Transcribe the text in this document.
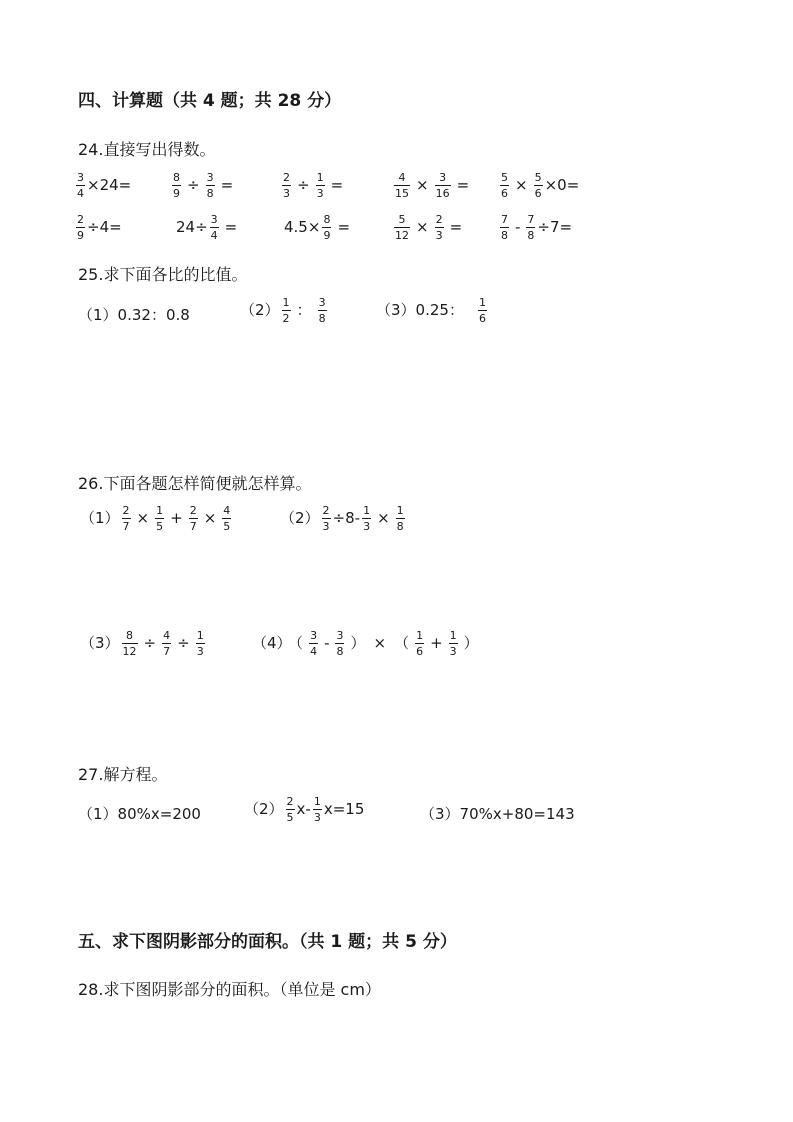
四、计算题（共 4 题；共 28 分）
24.直接写出得数。
$\frac{3}{4} \times 24=$	$\frac{8}{9} \div \frac{3}{8}$ =	$\frac{2}{3} \div \frac{1}{3}$ =	$\frac{4}{15} \times \frac{3}{16}$ =	$\frac{5}{6} \times \frac{5}{6} \times 0=$
$\frac{2}{9} \div 4=$	$24\div \frac{3}{4}$ =	$4.5\times \frac{8}{9}$ =	$\frac{5}{12} \times \frac{2}{3}$ =	$\frac{7}{8} - \frac{7}{8} \div 7=$
25.求下面各比的比值。
（1）0.32：0.8	$(2) \frac{1}{2}$ ： $\frac{3}{8}$	（3）0.25： $\frac{1}{6}$
26.下面各题怎样简便就怎样算。
$(1) \frac{2}{7} \times \frac{1}{5} + \frac{2}{7} \times \frac{4}{5}$	$(2) \frac{2}{3} \div 8- \frac{1}{3} \times \frac{1}{8}$
$(3) \frac{8}{12} \div \frac{4}{7} \div \frac{1}{3}$	（4） （ $\frac{3}{4} - \frac{3}{8}$ ） × （ $\frac{1}{6} + \frac{1}{3}$ ）
27.解方程。
（1）80%x=200	$(2) \frac{2}{5} x- \frac{1}{3} x=15$	（3）70%x+80=143
五、求下图阴影部分的面积。（共 1 题；共 5 分）
28.求下图阴影部分的面积。（单位是 cm）
